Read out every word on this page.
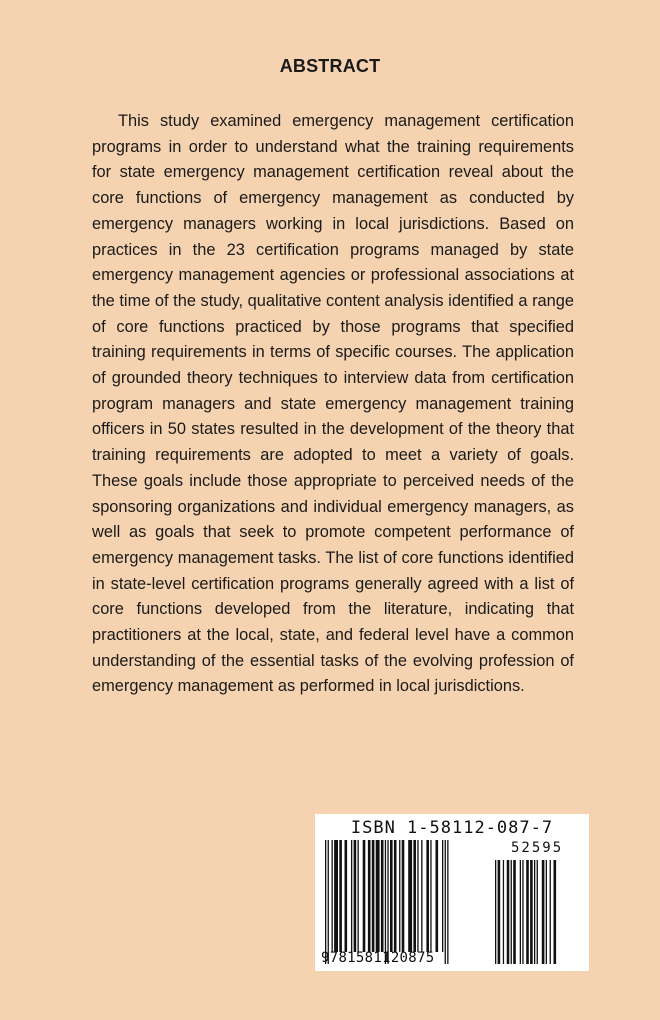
ABSTRACT

This study examined emergency management certification programs in order to understand what the training requirements for state emergency management certification reveal about the core functions of emergency management as conducted by emergency managers working in local jurisdictions. Based on practices in the 23 certification programs managed by state emergency management agencies or professional associations at the time of the study, qualitative content analysis identified a range of core functions practiced by those programs that specified training requirements in terms of specific courses. The application of grounded theory techniques to interview data from certification program managers and state emergency management training officers in 50 states resulted in the development of the theory that training requirements are adopted to meet a variety of goals. These goals include those appropriate to perceived needs of the sponsoring organizations and individual emergency managers, as well as goals that seek to promote competent performance of emergency management tasks. The list of core functions identified in state-level certification programs generally agreed with a list of core functions developed from the literature, indicating that practitioners at the local, state, and federal level have a common understanding of the essential tasks of the evolving profession of emergency management as performed in local jurisdictions.

ISBN 1-58112-087-7
52595
9781581120875
